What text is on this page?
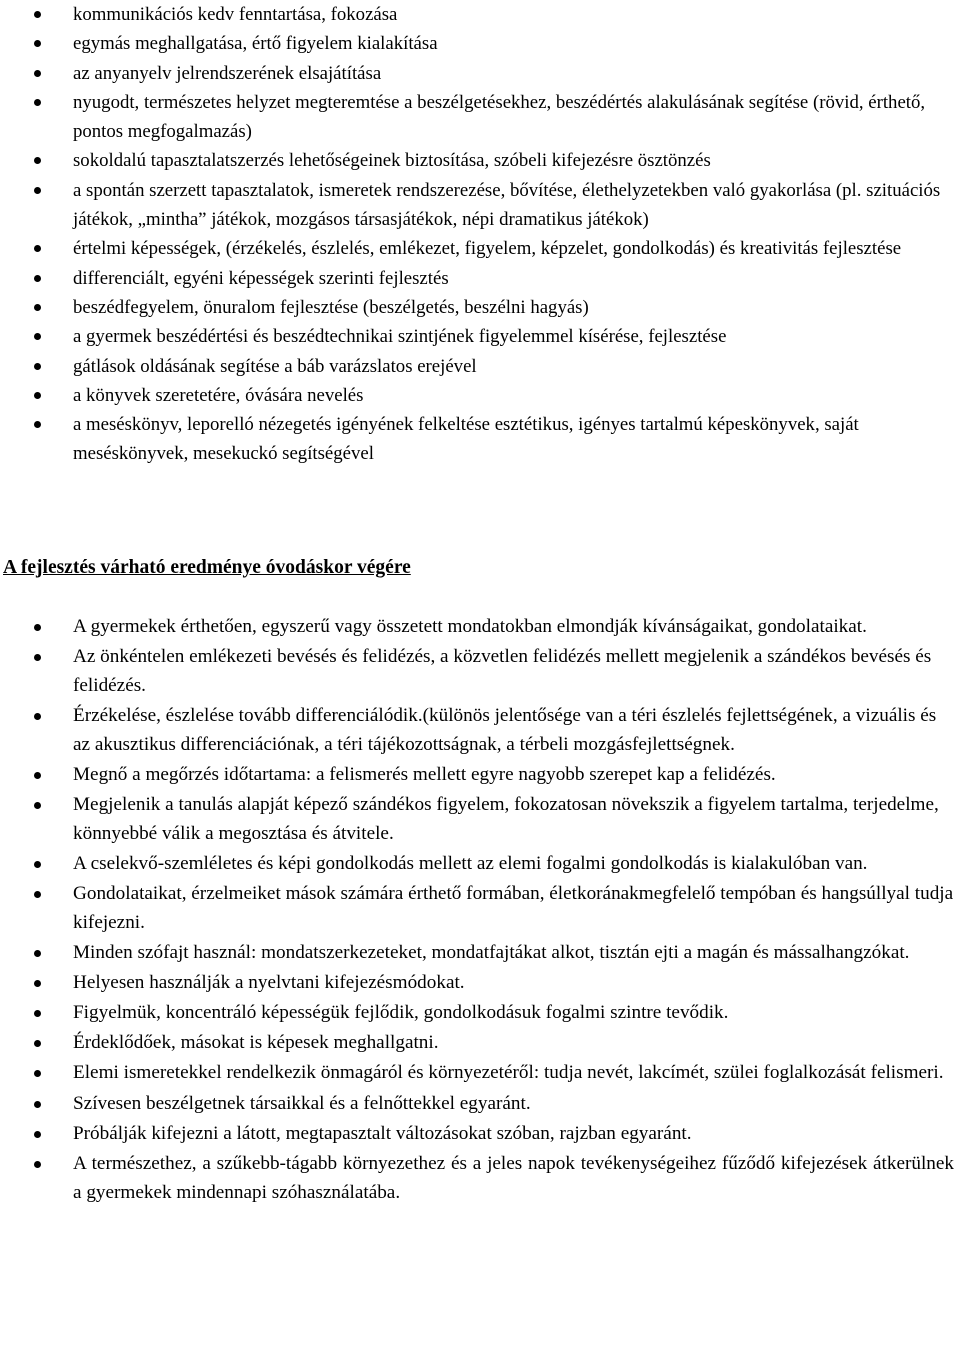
kommunikációs kedv fenntartása, fokozása
egymás meghallgatása, értő figyelem kialakítása
az anyanyelv jelrendszerének elsajátítása
nyugodt, természetes helyzet megteremtése a beszélgetésekhez, beszédértés alakulásának segítése (rövid, érthető, pontos megfogalmazás)
sokoldalú tapasztalatszerzés lehetőségeinek biztosítása, szóbeli kifejezésre ösztönzés
a spontán szerzett tapasztalatok, ismeretek rendszerezése, bővítése, élethelyzetekben való gyakorlása (pl. szituációs játékok, „mintha” játékok, mozgásos társasjátékok, népi dramatikus játékok)
értelmi képességek, (érzékelés, észlelés, emlékezet, figyelem, képzelet, gondolkodás) és kreativitás fejlesztése
differenciált, egyéni képességek szerinti fejlesztés
beszédfegyelem, önuralom fejlesztése (beszélgetés, beszélni hagyás)
a gyermek beszédértési és beszédtechnikai szintjének figyelemmel kísérése, fejlesztése
gátlások oldásának segítése a báb varázslatos erejével
a könyvek szeretetére, óvására nevelés
a meséskönyv, leporelló nézegetés igényének felkeltése esztétikus, igényes tartalmú képeskönyvek, saját meséskönyvek, mesekuckó segítségével
A fejlesztés várható eredménye óvodáskor végére
A gyermekek érthetően, egyszerű vagy összetett mondatokban elmondják kívánságaikat, gondolataikat.
Az önkéntelen emlékezeti bevésés és felidézés, a közvetlen felidézés mellett megjelenik a szándékos bevésés és felidézés.
Érzékelése, észlelése tovább differenciálódik.(különös jelentősége van a téri észlelés fejlettségének, a vizuális és az akusztikus differenciációnak, a téri tájékozottságnak, a térbeli mozgásfejlettségnek.
Megnő a megőrzés időtartama: a felismerés mellett egyre nagyobb szerepet kap a felidézés.
Megjelenik a tanulás alapját képező szándékos figyelem, fokozatosan növekszik a figyelem tartalma, terjedelme, könnyebbé válik a megosztása és átvitele.
A cselekvő-szemléletes és képi gondolkodás mellett az elemi fogalmi gondolkodás is kialakulóban van.
Gondolataikat, érzelmeiket mások számára érthető formában, életkoránakmegfelelő tempóban és hangsúllyal tudja kifejezni.
Minden szófajt használ: mondatszerkezeteket, mondatfajtákat alkot, tisztán ejti a magán és mássalhangzókat.
Helyesen használják a nyelvtani kifejezésmódokat.
Figyelmük, koncentráló képességük fejlődik, gondolkodásuk fogalmi szintre tevődik.
Érdeklődőek, másokat is képesek meghallgatni.
Elemi ismeretekkel rendelkezik önmagáról és környezetéről: tudja nevét, lakcímét, szülei foglalkozását felismeri.
Szívesen beszélgetnek társaikkal és a felnőttekkel egyaránt.
Próbálják kifejezni a látott, megtapasztalt változásokat szóban, rajzban egyaránt.
A természethez, a szűkebb-tágabb környezethez és a jeles napok tevékenységeihez fűződő kifejezések átkerülnek a gyermekek mindennapi szóhasználatába.
